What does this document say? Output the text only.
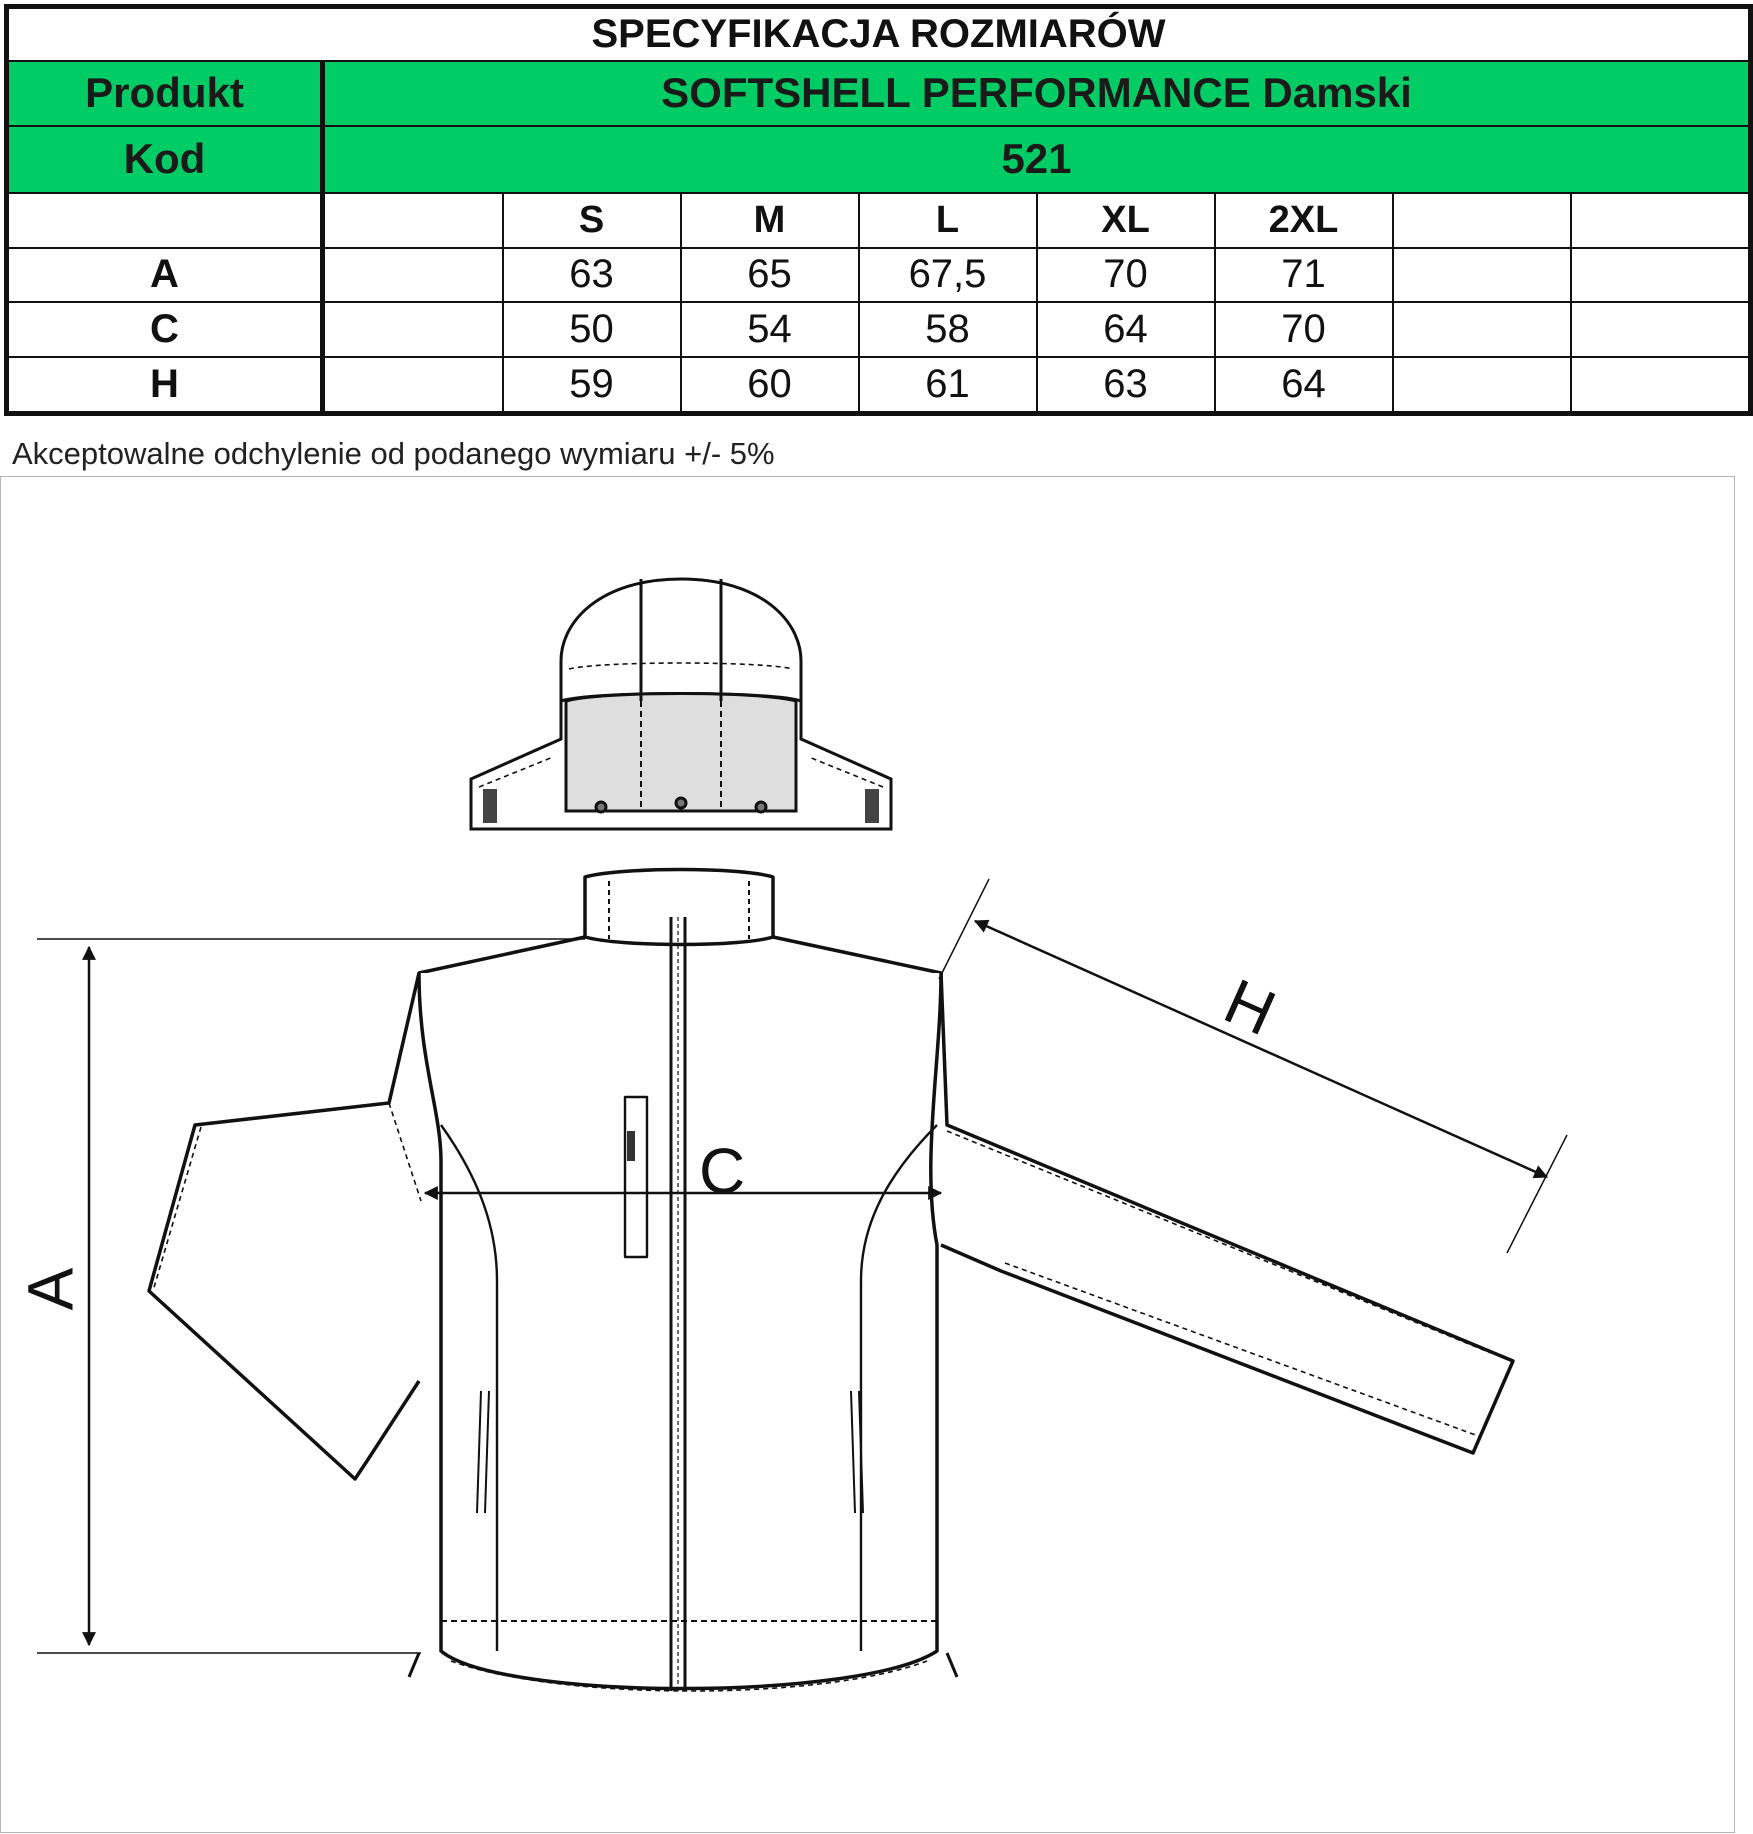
SPECYFIKACJA ROZMIARÓW								
Produkt	SOFTSHELL PERFORMANCE Damski							
Kod	521							
		S	M	L	XL	2XL		
A		63	65	67,5	70	71		
C		50	54	58	64	70		
H		59	60	61	63	64		

Akceptowalne odchylenie od podanego wymiaru +/- 5%

A
C
H
